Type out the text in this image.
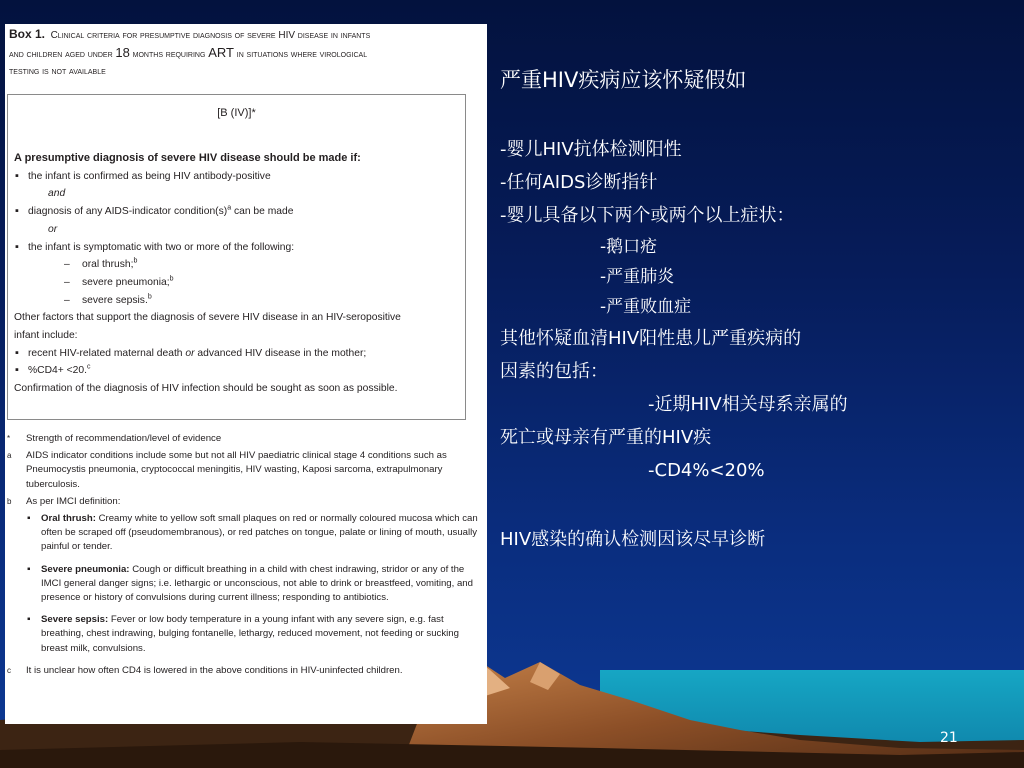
Box 1. Clinical criteria for presumptive diagnosis of severe HIV disease in infants
and children aged under 18 months requiring ART in situations where virological
testing is not available
[B (IV)]*
A presumptive diagnosis of severe HIV disease should be made if:
▪ the infant is confirmed as being HIV antibody-positive
and
▪ diagnosis of any AIDS-indicator $condition(s)^a$ can be made
or
▪ the infant is symptomatic with two or more of the following:
– oral thrush;$^b$
– severe pneumonia;$^b$
– severe sepsis.$^b$
Other factors that support the diagnosis of severe HIV disease in an HIV-seropositive
infant include:
▪ recent HIV-related maternal death or advanced HIV disease in the mother;
▪ %CD4+ <20.$^c$
Confirmation of the diagnosis of HIV infection should be sought as soon as possible.
* Strength of recommendation/level of evidence
a AIDS indicator conditions include some but not all HIV paediatric clinical stage 4 conditions such as Pneumocystis pneumonia, cryptococcal meningitis, HIV wasting, Kaposi sarcoma, extrapulmonary tuberculosis.
b As per IMCI definition:
▪ Oral thrush: Creamy white to yellow soft small plaques on red or normally coloured mucosa which can often be scraped off (pseudomembranous), or red patches on tongue, palate or lining of mouth, usually painful or tender.
▪ Severe pneumonia: Cough or difficult breathing in a child with chest indrawing, stridor or any of the IMCI general danger signs; i.e. lethargic or unconscious, not able to drink or breastfeed, vomiting, and presence or history of convulsions during current illness; responding to antibiotics.
▪ Severe sepsis: Fever or low body temperature in a young infant with any severe sign, e.g. fast breathing, chest indrawing, bulging fontanelle, lethargy, reduced movement, not feeding or sucking breast milk, convulsions.
c It is unclear how often CD4 is lowered in the above conditions in HIV-uninfected children.
严重HIV疾病应该怀疑假如
-婴儿HIV抗体检测阳性
-任何AIDS诊断指针
-婴儿具备以下两个或两个以上症状：
-鹅口疮
-严重肺炎
-严重败血症
其他怀疑血清HIV阳性患儿严重疾病的
因素的包括：
-近期HIV相关母系亲属的
死亡或母亲有严重的HIV疾
-CD4%<20%
HIV感染的确认检测因该尽早诊断
21
